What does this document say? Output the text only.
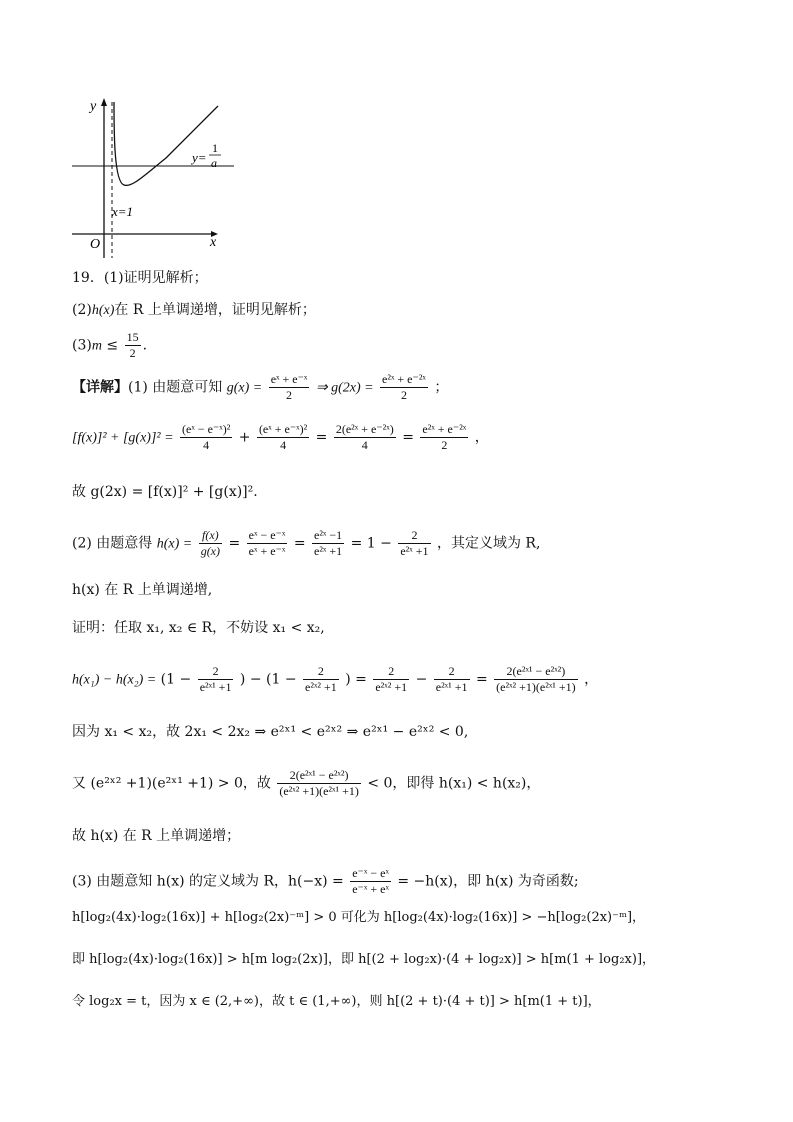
y
x
O
x=1
y=
1
a
19．(1)证明见解析；
(2)h(x)在 R 上单调递增，证明见解析；
$(3)m \le \frac{15}{2}$ .
【详解】(1) 由题意可知 $g(x) = \frac{\text{eˣ + e⁻ˣ}}{2}$ ⇒ $g(2x) = \frac{\text{e²ˣ + e⁻²ˣ}}{2}$ ；
$[f(x)]^2 + [g(x)]^2 = \frac{\text{(eˣ − e⁻ˣ)²}}{4} + \frac{\text{(eˣ + e⁻ˣ)²}}{4} = \frac{\text{2(e²ˣ + e⁻²ˣ)}}{4} = \frac{\text{e²ˣ + e⁻²ˣ}}{2}$ ，
故 g(2x) = [f(x)]² + [g(x)]².
(2) 由题意得 $h(x) = \frac{f(x)}{g(x)} = \frac{\text{eˣ − e⁻ˣ}}{\text{eˣ + e⁻ˣ}} = \frac{\text{e²ˣ −1}}{\text{e²ˣ +1}} = 1 - \frac{2}{\text{e²ˣ +1}}$ ，其定义域为 R,
h(x) 在 R 上单调递增,
证明：任取 x₁, x₂ ∈ R，不妨设 x₁ < x₂,
$h(x_1) - h(x_2) = (1 - \frac{2}{\text{e²ˣ¹ +1}}$ ) − ($1 - \frac{2}{\text{e²ˣ² +1}}$ ) = $\frac{2}{\text{e²ˣ² +1}} - \frac{2}{\text{e²ˣ¹ +1}} = \frac{\text{2(e²ˣ¹ − e²ˣ²)}}{\text{(e²ˣ² +1)(e²ˣ¹ +1)}}$ ，
因为 x₁ < x₂，故 2x₁ < 2x₂ ⇒ e²ˣ¹ < e²ˣ² ⇒ e²ˣ¹ − e²ˣ² < 0,
又 (e²ˣ² +1)(e²ˣ¹ +1) > 0，故 $\frac{\text{2(e²ˣ¹ − e²ˣ²)}}{\text{(e²ˣ² +1)(e²ˣ¹ +1)}} < 0$，即得 h(x₁) < h(x₂)，
故 h(x) 在 R 上单调递增；
(3) 由题意知 h(x) 的定义域为 R，$h(-x) = \frac{\text{e⁻ˣ − eˣ}}{\text{e⁻ˣ + eˣ}} = -h(x)$，即 h(x) 为奇函数;
h[log₂(4x)·log₂(16x)] + h[log₂(2x)⁻ᵐ] > 0 可化为 h[log₂(4x)·log₂(16x)] > −h[log₂(2x)⁻ᵐ]，
即 h[log₂(4x)·log₂(16x)] > h[m log₂(2x)]，即 h[(2 + log₂x)·(4 + log₂x)] > h[m(1 + log₂x)]，
令 log₂x = t，因为 x ∈ (2,+∞)，故 t ∈ (1,+∞)，则 h[(2 + t)·(4 + t)] > h[m(1 + t)]，
